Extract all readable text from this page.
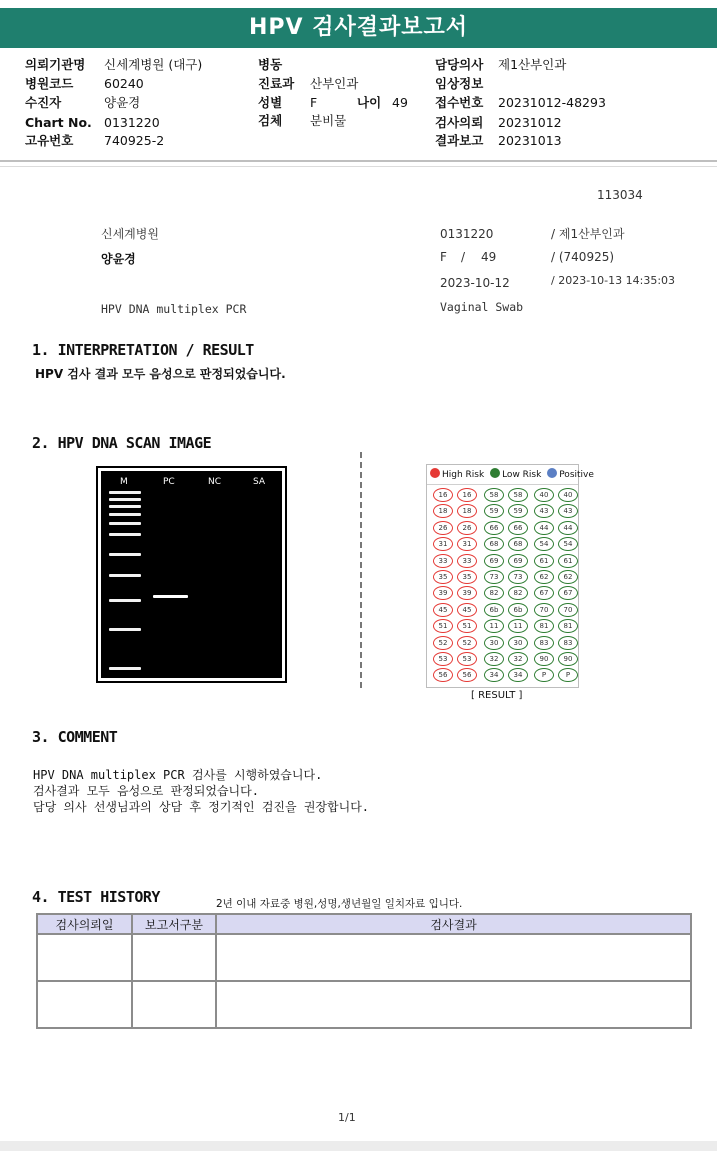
HPV 검사결과보고서
의뢰기관명 신세계병원 (대구)
병원코드 60240
수진자	양윤경
Chart No. 0131220
고유번호 740925-2
병동
진료과 산부인과
성별 F	나이 49
검체 분비물
담당의사 제1산부인과
임상정보
접수번호 20231012-48293
검사의뢰 20231012
결과보고 20231013
113034
신세계병원
양윤경
HPV DNA multiplex PCR
0131220	/ 제1산부인과
F / 49	/ (740925)
2023-10-12	/ 2023-10-13 14:35:03
Vaginal Swab
1. INTERPRETATION / RESULT
HPV 검사 결과 모두 음성으로 판정되었습니다.
2. HPV DNA SCAN IMAGE
M	PC	NC	SA
High Risk Low Risk Positive
16	16	58	58	40	40
18	18	59	59	43	43
26	26	66	66	44	44
31	31	68	68	54	54
33	33	69	69	61	61
35	35	73	73	62	62
39	39	82	82	67	67
45	45	6b	6b	70	70
51	51	11	11	81	81
52	52	30	30	83	83
53	53	32	32	90	90
56	56	34	34	P	P
[ RESULT ]
3. COMMENT
HPV DNA multiplex PCR 검사를 시행하였습니다.
검사결과 모두 음성으로 판정되었습니다.
담당 의사 선생님과의 상담 후 정기적인 검진을 권장합니다.
4. TEST HISTORY	2년 이내 자료중 병원,성명,생년월일 일치자료 입니다.
검사의뢰일	보고서구분	검사결과

1/1
